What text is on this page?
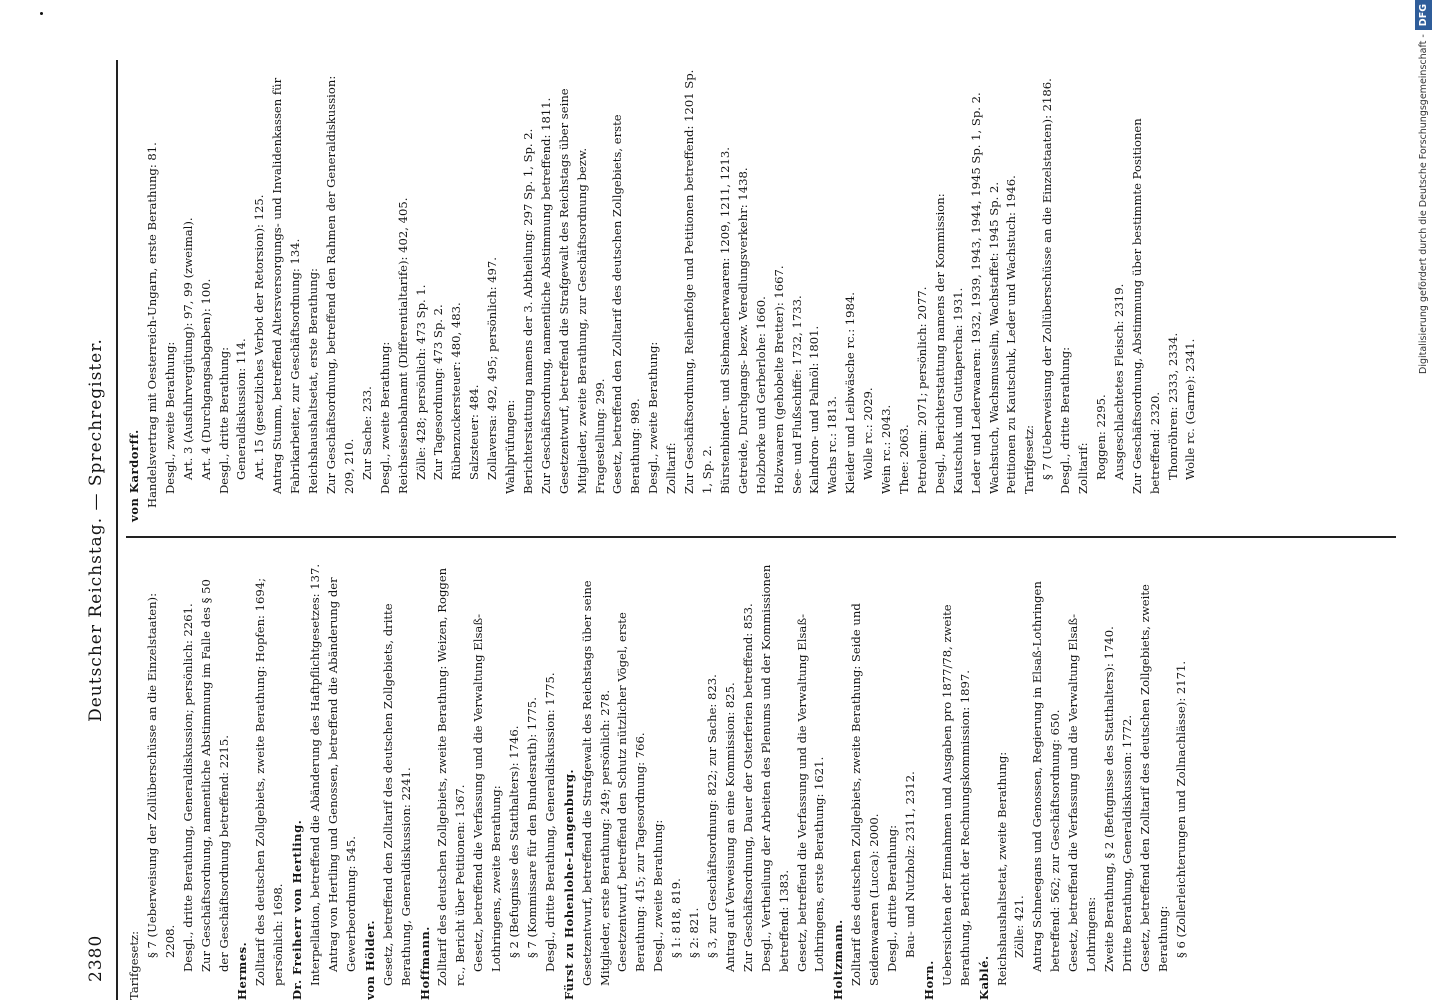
2380
Deutscher Reichstag. — Sprechregister.
Tarifgesetz:
§ 7 (Ueberweisung der Zollüberschüsse an die Einzelstaaten): 2208. Desgl., dritte Berathung, Generaldiskussion; persönlich: 2261. Zur Geschäftsordnung, namentliche Abstimmung im Falle des § 50 der Geschäftsordnung betreffend: 2215. Hermes. Zolltarif des deutschen Zollgebiets, zweite Berathung: Hopfen: 1694; persönlich: 1698. Dr. Freiherr von Hertling. Interpellation, betreffend die Abänderung des Haftpflichtgesetzes: 137. Antrag von Hertling und Genossen, betreffend die Abänderung der Gewerbeordnung: 545. von Hölder. Gesetz, betreffend den Zolltarif des deutschen Zollgebiets, dritte Berathung, Generaldiskussion: 2241. Hoffmann. Zolltarif des deutschen Zollgebiets, zweite Berathung: Weizen, Roggen rc., Bericht über Petitionen: 1367. Gesetz, betreffend die Verfassung und die Verwaltung Elsaß-Lothringens, zweite Berathung: § 2 (Befugnisse des Statthalters): 1746. § 7 (Kommissare für den Bundesrath): 1775. Desgl., dritte Berathung, Generaldiskussion: 1775. Fürst zu Hohenlohe-Langenburg. Gesetzentwurf, betreffend die Strafgewalt des Reichstags über seine Mitglieder, erste Berathung: 249; persönlich: 278. Gesetzentwurf, betreffend den Schutz nützlicher Vögel, erste Berathung: 415; zur Tagesordnung: 766. Desgl., zweite Berathung: § 1: 818, 819. § 2: 821. § 3, zur Geschäftsordnung: 822; zur Sache: 823. Antrag auf Verweisung an eine Kommission: 825. Zur Geschäftsordnung, Dauer der Osterferien betreffend: 853. Desgl., Vertheilung der Arbeiten des Plenums und der Kommissionen betreffend: 1383. Gesetz, betreffend die Verfassung und die Verwaltung Elsaß-Lothringens, erste Berathung: 1621. Holtzmann. Zolltarif des deutschen Zollgebiets, zweite Berathung: Seide und Seidenwaaren (Lucca): 2000. Desgl., dritte Berathung: Bau- und Nutzholz: 2311, 2312.
Horn. Uebersichten der Einnahmen und Ausgaben pro 1877/78, zweite Berathung, Bericht der Rechnungskommission: 1897. Kablé. Reichshaushaltsetat, zweite Berathung: Zölle: 421. Antrag Schneegans und Genossen, Regierung in Elsaß-Lothringen betreffend: 562; zur Geschäftsordnung: 650. Gesetz, betreffend die Verfassung und die Verwaltung Elsaß-Lothringens: Zweite Berathung, § 2 (Befugnisse des Statthalters): 1740. Dritte Berathung, Generaldiskussion: 1772. Gesetz, betreffend den Zolltarif des deutschen Zollgebiets, zweite Berathung: § 6 (Zollerleichterungen und Zollnachlässe): 2171.
von Kardorff. Handelsvertrag mit Oesterreich-Ungarn, erste Berathung: 81. Desgl., zweite Berathung: Art. 3 (Ausfuhrvergütung): 97, 99 (zweimal). Art. 4 (Durchgangsabgaben): 100. Desgl., dritte Berathung: Generaldiskussion: 114. Art. 15 (gesetzliches Verbot der Retorsion): 125. Antrag Stumm, betreffend Altersversorgungs- und Invalidenkassen für Fabrikarbeiter, zur Geschäftsordnung: 134. Reichshaushaltsetat, erste Berathung: Zur Geschäftsordnung, betreffend den Rahmen der Generaldiskussion: 209, 210. Zur Sache: 233. Desgl., zweite Berathung: Reichseisenbahnamt (Differentialtarife): 402, 405. Zölle: 428; persönlich: 473 Sp. 1. Zur Tagesordnung: 473 Sp. 2. Rübenzuckersteuer: 480, 483. Salzsteuer: 484. Zollaversa: 492, 495; persönlich: 497. Wahlprüfungen: Berichterstattung namens der 3. Abtheilung: 297 Sp. 1, Sp. 2. Zur Geschäftsordnung, namentliche Abstimmung betreffend: 1811. Gesetzentwurf, betreffend die Strafgewalt des Reichstags über seine Mitglieder, zweite Berathung, zur Geschäftsordnung bezw. Fragestellung: 299. Gesetz, betreffend den Zolltarif des deutschen Zollgebiets, erste Berathung: 989. Desgl., zweite Berathung: Zolltarif: Zur Geschäftsordnung, Reihenfolge und Petitionen betreffend: 1201 Sp. 1, Sp. 2. Bürstenbinder- und Siebmacherwaaren: 1209, 1211, 1213. Getreide, Durchgangs- bezw. Veredlungsverkehr: 1438. Holzborke und Gerberlohe: 1660. Holzwaaren (gehobelte Bretter): 1667. See- und Flußschiffe: 1732, 1733. Kalndron- und Palmöl: 1801. Wachs rc.: 1813. Kleider und Leibwäsche rc.: 1984. Wolle rc.: 2029. Wein rc.: 2043. Thee: 2063. Petroleum: 2071; persönlich: 2077. Desgl., Berichterstattung namens der Kommission: Kautschuk und Guttapercha: 1931. Leder und Lederwaaren: 1932, 1939, 1943, 1944, 1945 Sp. 1, Sp. 2. Wachstuch, Wachsmusselin, Wachstaffet: 1945 Sp. 2. Petitionen zu Kautschuk, Leder und Wachstuch: 1946. Tarifgesetz: § 7 (Ueberweisung der Zollüberschüsse an die Einzelstaaten): 2186. Desgl., dritte Berathung: Zolltarif: Roggen: 2295. Ausgeschlachtetes Fleisch: 2319. Zur Geschäftsordnung, Abstimmung über bestimmte Positionen betreffend: 2320. Thonröhren: 2333, 2334. Wolle rc. (Garne): 2341.
Digitalisierung gefördert durch die Deutsche Forschungsgemeinschaft -DFG
